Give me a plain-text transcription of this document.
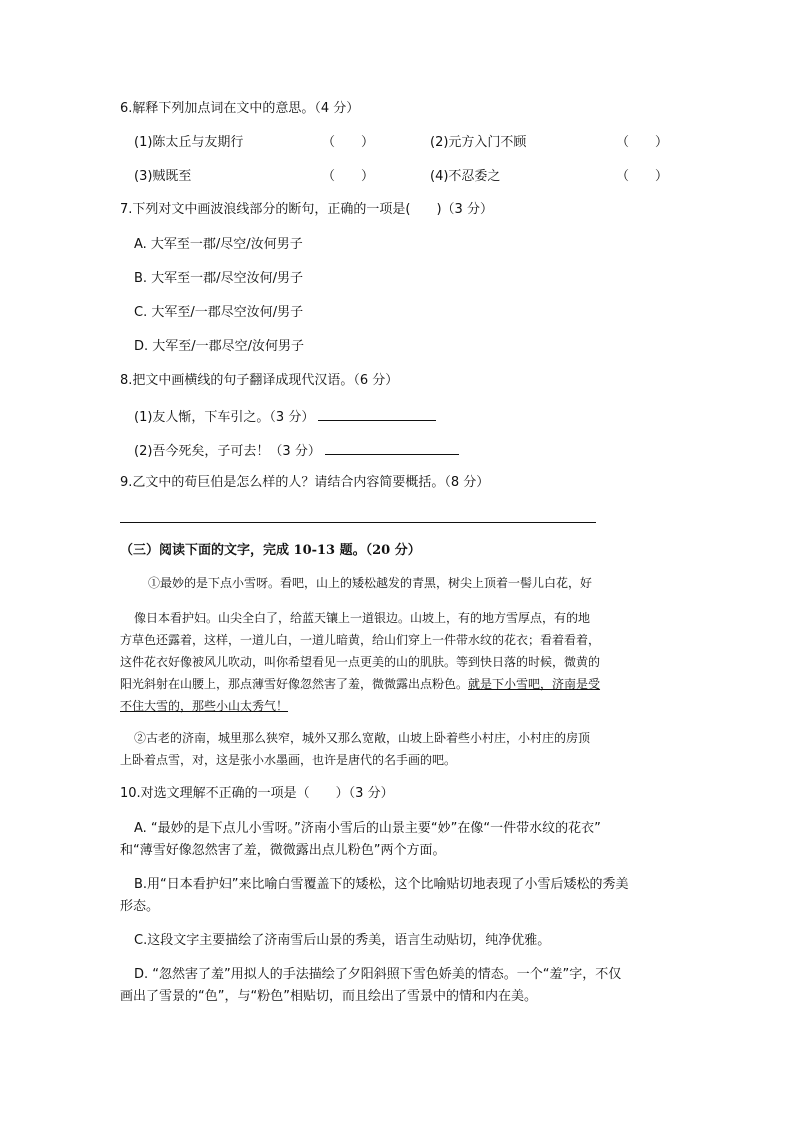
6.解释下列加点词在文中的意思。（4 分）
(1)陈太丘与友期行	（　　）	(2)元方入门不顾	（　　）
(3)贼既至	（　　）	(4)不忍委之	（　　）
7.下列对文中画波浪线部分的断句，正确的一项是(　　)（3 分）
A. 大军至一郡/尽空/汝何男子
B. 大军至一郡/尽空汝何/男子
C. 大军至/一郡尽空汝何/男子
D. 大军至/一郡尽空/汝何男子
8.把文中画横线的句子翻译成现代汉语。（6 分）
(1)友人惭，下车引之。（3 分）
(2)吾今死矣，子可去！（3 分）
9.乙文中的荀巨伯是怎么样的人？请结合内容简要概括。（8 分）
（三）阅读下面的文字，完成 10-13 题。（20 分）
①最妙的是下点小雪呀。看吧，山上的矮松越发的青黑，树尖上顶着一髻儿白花，好
像日本看护妇。山尖全白了，给蓝天镶上一道银边。山坡上，有的地方雪厚点，有的地
方草色还露着，这样，一道儿白，一道儿暗黄，给山们穿上一件带水纹的花衣；看着看着，
这件花衣好像被风儿吹动，叫你希望看见一点更美的山的肌肤。等到快日落的时候，微黄的
阳光斜射在山腰上，那点薄雪好像忽然害了羞，微微露出点粉色。就是下小雪吧，济南是受
不住大雪的，那些小山太秀气！
②古老的济南，城里那么狭窄，城外又那么宽敞，山坡上卧着些小村庄，小村庄的房顶
上卧着点雪，对，这是张小水墨画，也许是唐代的名手画的吧。
10.对选文理解不正确的一项是（　　）（3 分）
A. “最妙的是下点儿小雪呀。”济南小雪后的山景主要“妙”在像“一件带水纹的花衣”
和“薄雪好像忽然害了羞，微微露出点儿粉色”两个方面。
B.用“日本看护妇”来比喻白雪覆盖下的矮松，这个比喻贴切地表现了小雪后矮松的秀美
形态。
C.这段文字主要描绘了济南雪后山景的秀美，语言生动贴切，纯净优雅。
D. “忽然害了羞”用拟人的手法描绘了夕阳斜照下雪色娇美的情态。一个“羞”字，不仅
画出了雪景的“色”，与“粉色”相贴切，而且绘出了雪景中的情和内在美。
